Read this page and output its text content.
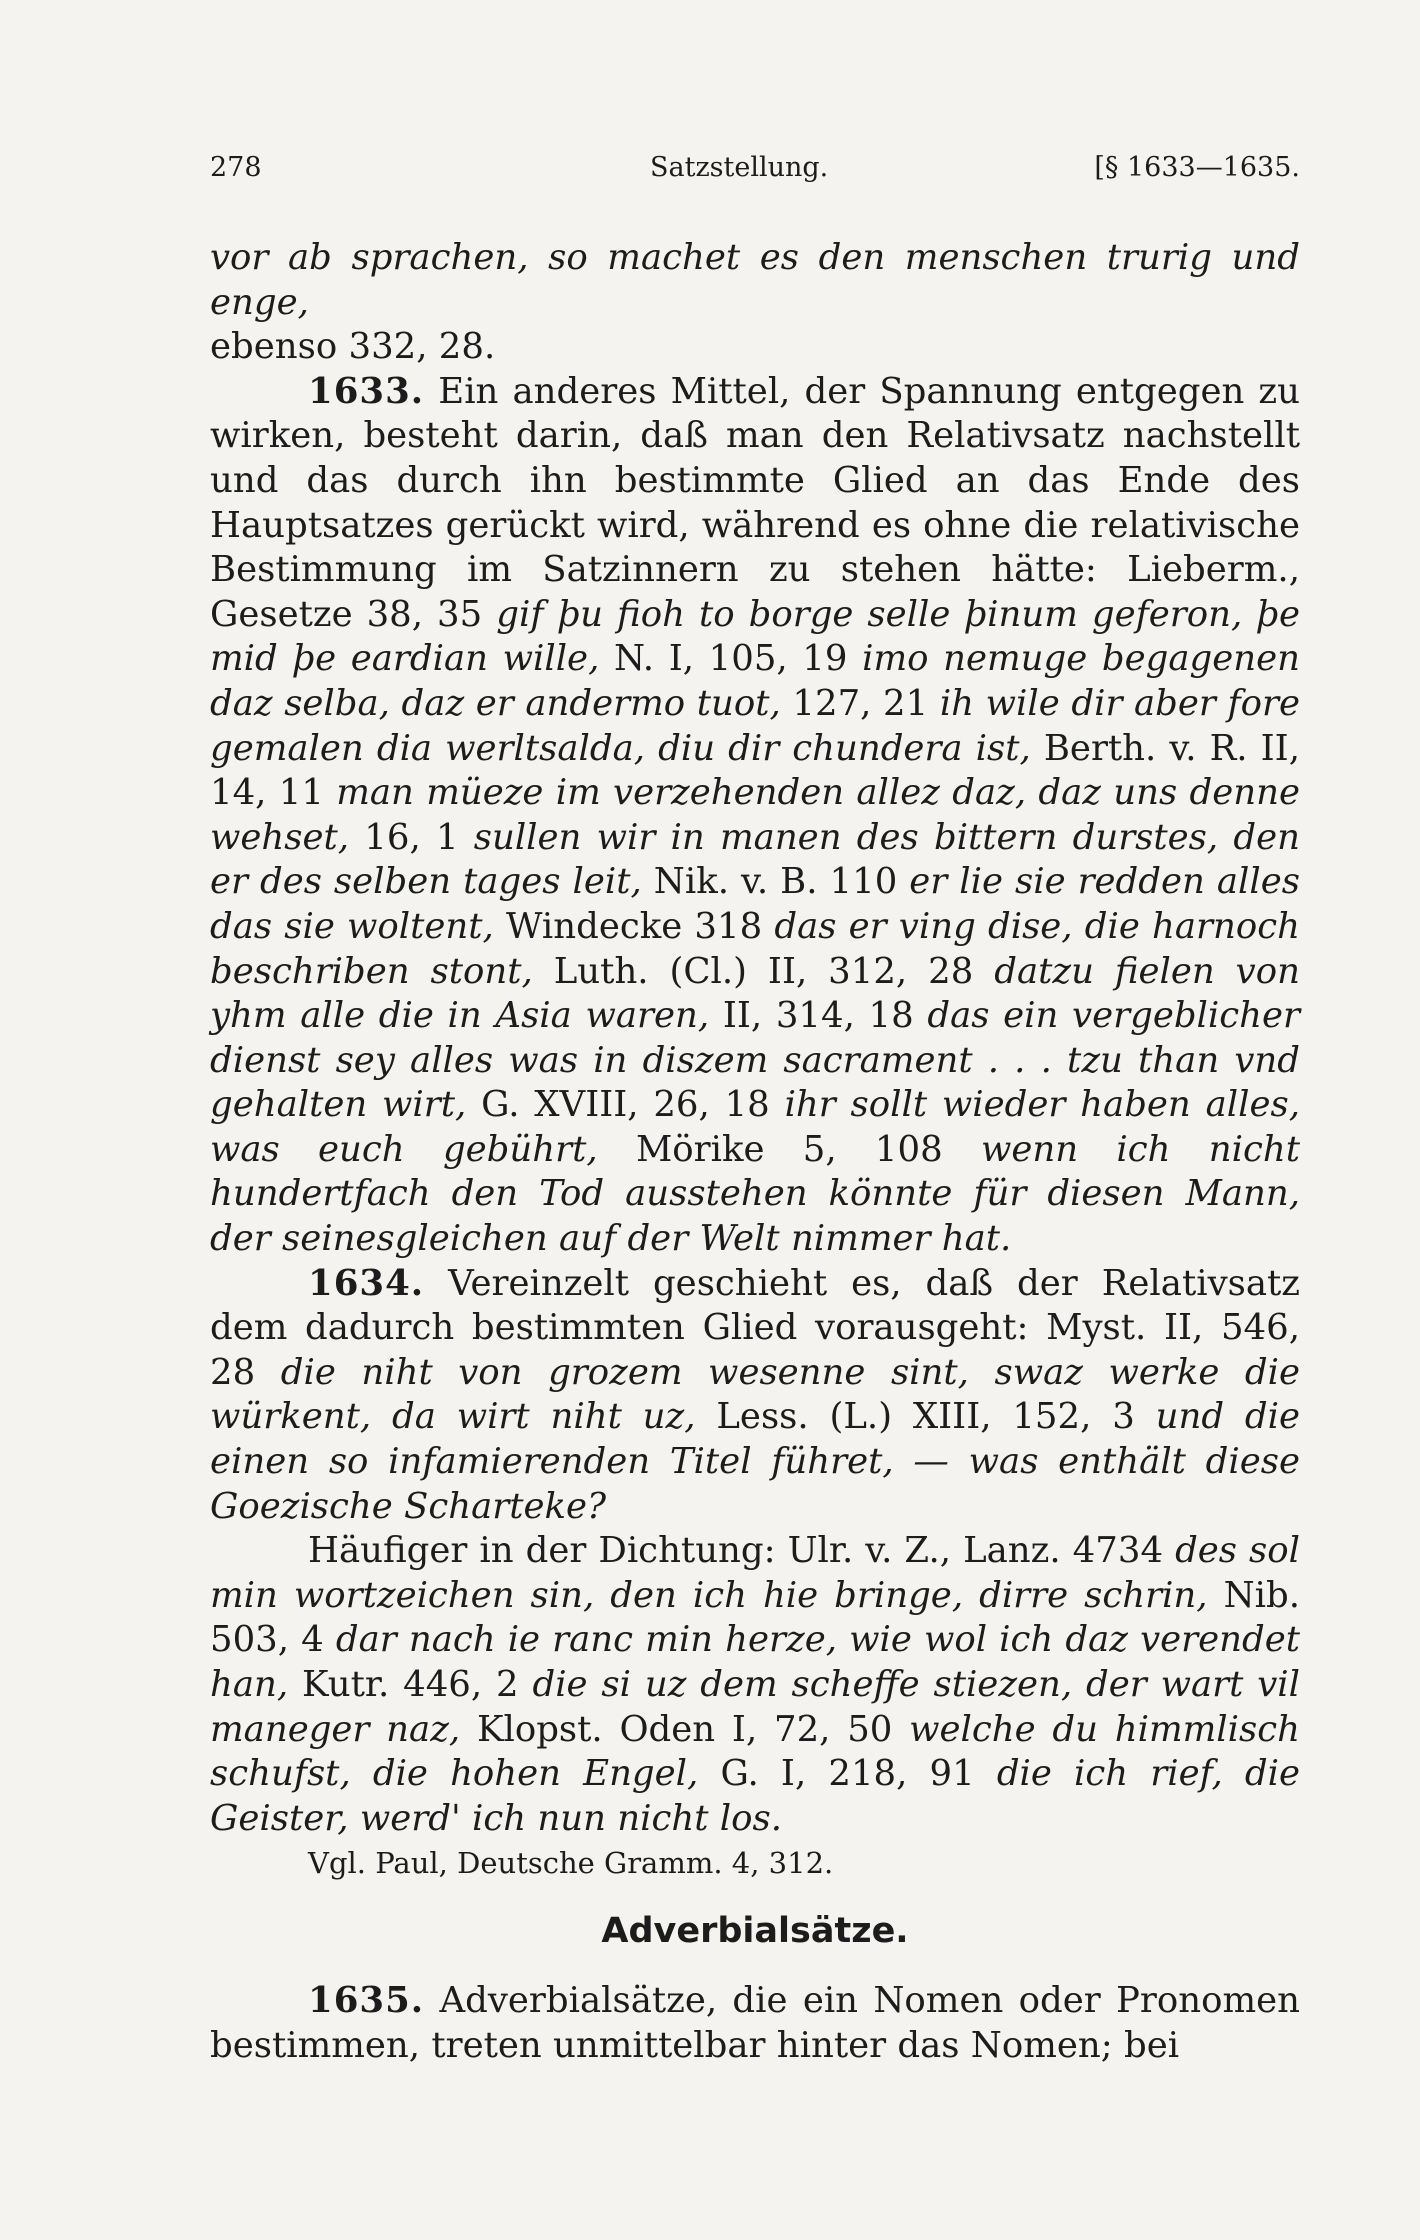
278	Satzstellung.	[§ 1633—1635.

vor ab sprachen, so machet es den menschen trurig und enge,
ebenso 332, 28.

1633. Ein anderes Mittel, der Spannung entgegen zu wirken, besteht darin, daß man den Relativsatz nachstellt und das durch ihn bestimmte Glied an das Ende des Hauptsatzes gerückt wird, während es ohne die relativische Bestimmung im Satzinnern zu stehen hätte: Lieberm., Gesetze 38, 35 gif þu fioh to borge selle þinum geferon, þe mid þe eardian wille, N. I, 105, 19 imo nemuge begagenen daz selba, daz er andermo tuot, 127, 21 ih wile dir aber fore gemalen dia werltsalda, diu dir chundera ist, Berth. v. R. II, 14, 11 man müeze im verzehenden allez daz, daz uns denne wehset, 16, 1 sullen wir in manen des bittern durstes, den er des selben tages leit, Nik. v. B. 110 er lie sie redden alles das sie woltent, Windecke 318 das er ving dise, die harnoch beschriben stont, Luth. (Cl.) II, 312, 28 datzu fielen von yhm alle die in Asia waren, II, 314, 18 das ein vergeblicher dienst sey alles was in diszem sacrament . . . tzu than vnd gehalten wirt, G. XVIII, 26, 18 ihr sollt wieder haben alles, was euch gebührt, Mörike 5, 108 wenn ich nicht hundertfach den Tod ausstehen könnte für diesen Mann, der seinesgleichen auf der Welt nimmer hat.

1634. Vereinzelt geschieht es, daß der Relativsatz dem dadurch bestimmten Glied vorausgeht: Myst. II, 546, 28 die niht von grozem wesenne sint, swaz werke die würkent, da wirt niht uz, Less. (L.) XIII, 152, 3 und die einen so infamierenden Titel führet, — was enthält diese Goezische Scharteke?

Häufiger in der Dichtung: Ulr. v. Z., Lanz. 4734 des sol min wortzeichen sin, den ich hie bringe, dirre schrin, Nib. 503, 4 dar nach ie ranc min herze, wie wol ich daz verendet han, Kutr. 446, 2 die si uz dem scheffe stiezen, der wart vil maneger naz, Klopst. Oden I, 72, 50 welche du himmlisch schufst, die hohen Engel, G. I, 218, 91 die ich rief, die Geister, werd' ich nun nicht los.

Vgl. Paul, Deutsche Gramm. 4, 312.

Adverbialsätze.

1635. Adverbialsätze, die ein Nomen oder Pronomen bestimmen, treten unmittelbar hinter das Nomen; bei
